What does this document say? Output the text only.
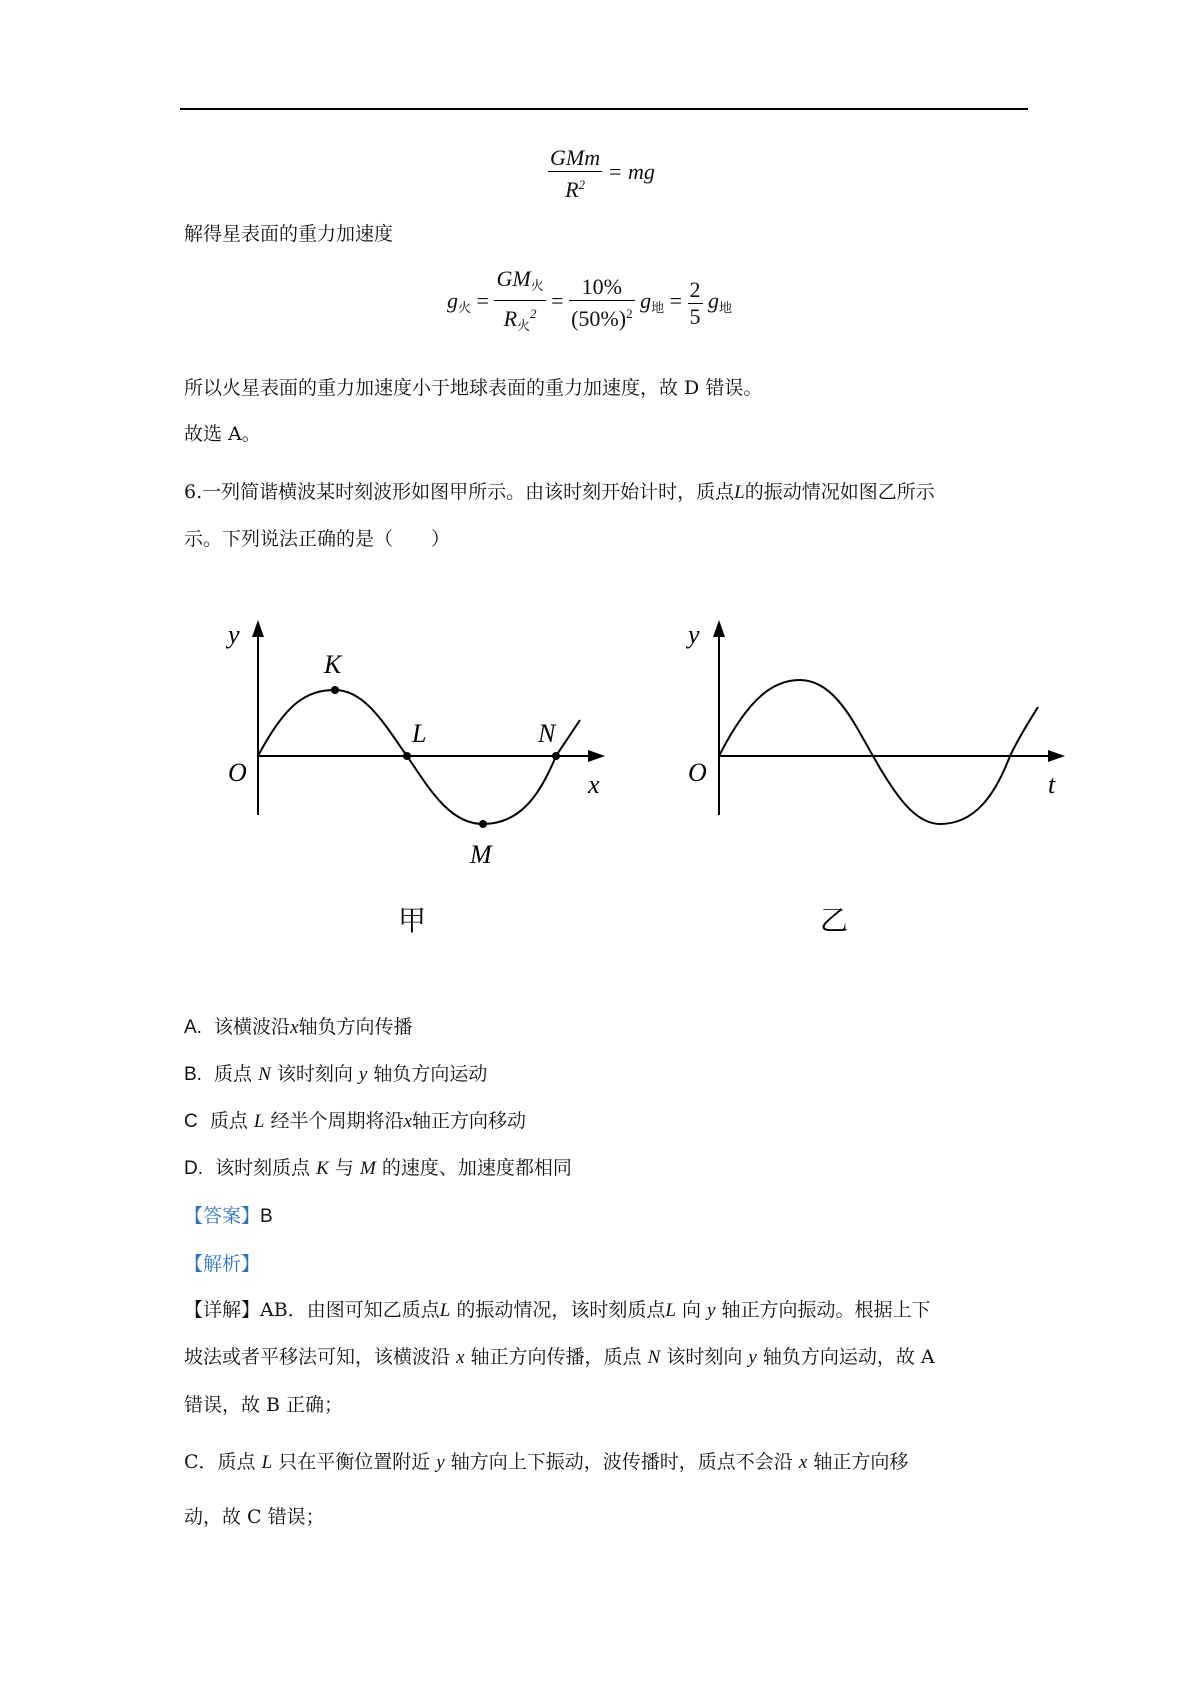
$\frac{\text{GMm}}{R^2}$ = mg
解得星表面的重力加速度
$g_火 = \frac{GM_火}{R_火^2} = \frac{10\%}{(50\%)^2} g_地 = \frac{2}{5} g_地$
所以火星表面的重力加速度小于地球表面的重力加速度，故 D 错误。
故选 A。
6.一列简谐横波某时刻波形如图甲所示。由该时刻开始计时，质点L的振动情况如图乙所示
示。下列说法正确的是（　　）
y
x
O
K
L	N
M
甲
y
t
O
乙
A. 该横波沿x轴负方向传播
B. 质点 N 该时刻向 y 轴负方向运动
C 质点 L 经半个周期将沿x轴正方向移动
D. 该时刻质点 K 与 M 的速度、加速度都相同
【答案】B
【解析】
【详解】AB．由图可知乙质点L 的振动情况，该时刻质点L 向 y 轴正方向振动。根据上下
坡法或者平移法可知，该横波沿 x 轴正方向传播，质点 N 该时刻向 y 轴负方向运动，故 A
错误，故 B 正确；
C．质点 L 只在平衡位置附近 y 轴方向上下振动，波传播时，质点不会沿 x 轴正方向移
动，故 C 错误；
